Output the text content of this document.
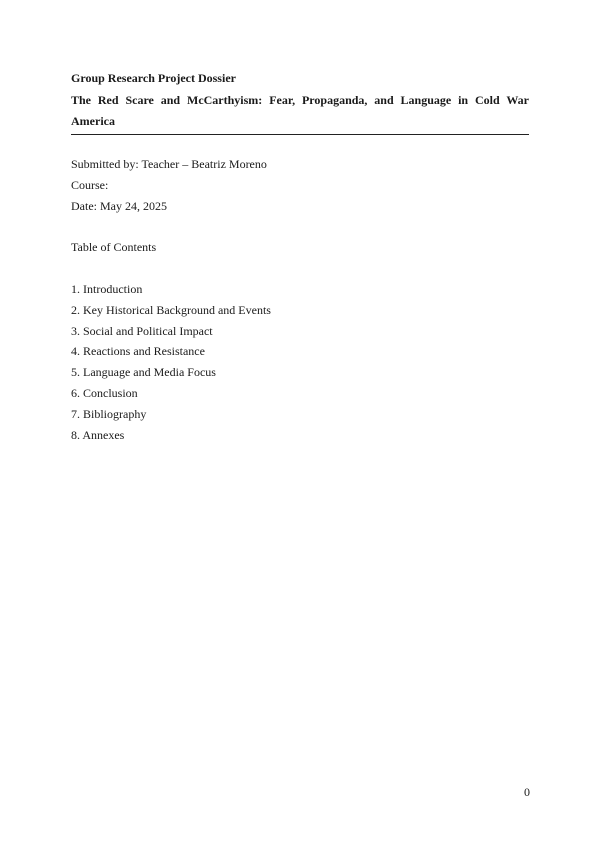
Group Research Project Dossier
The Red Scare and McCarthyism: Fear, Propaganda, and Language in Cold War America
Submitted by: Teacher – Beatriz Moreno
Course:
Date: May 24, 2025
Table of Contents
1. Introduction
2. Key Historical Background and Events
3. Social and Political Impact
4. Reactions and Resistance
5. Language and Media Focus
6. Conclusion
7. Bibliography
8. Annexes
0
